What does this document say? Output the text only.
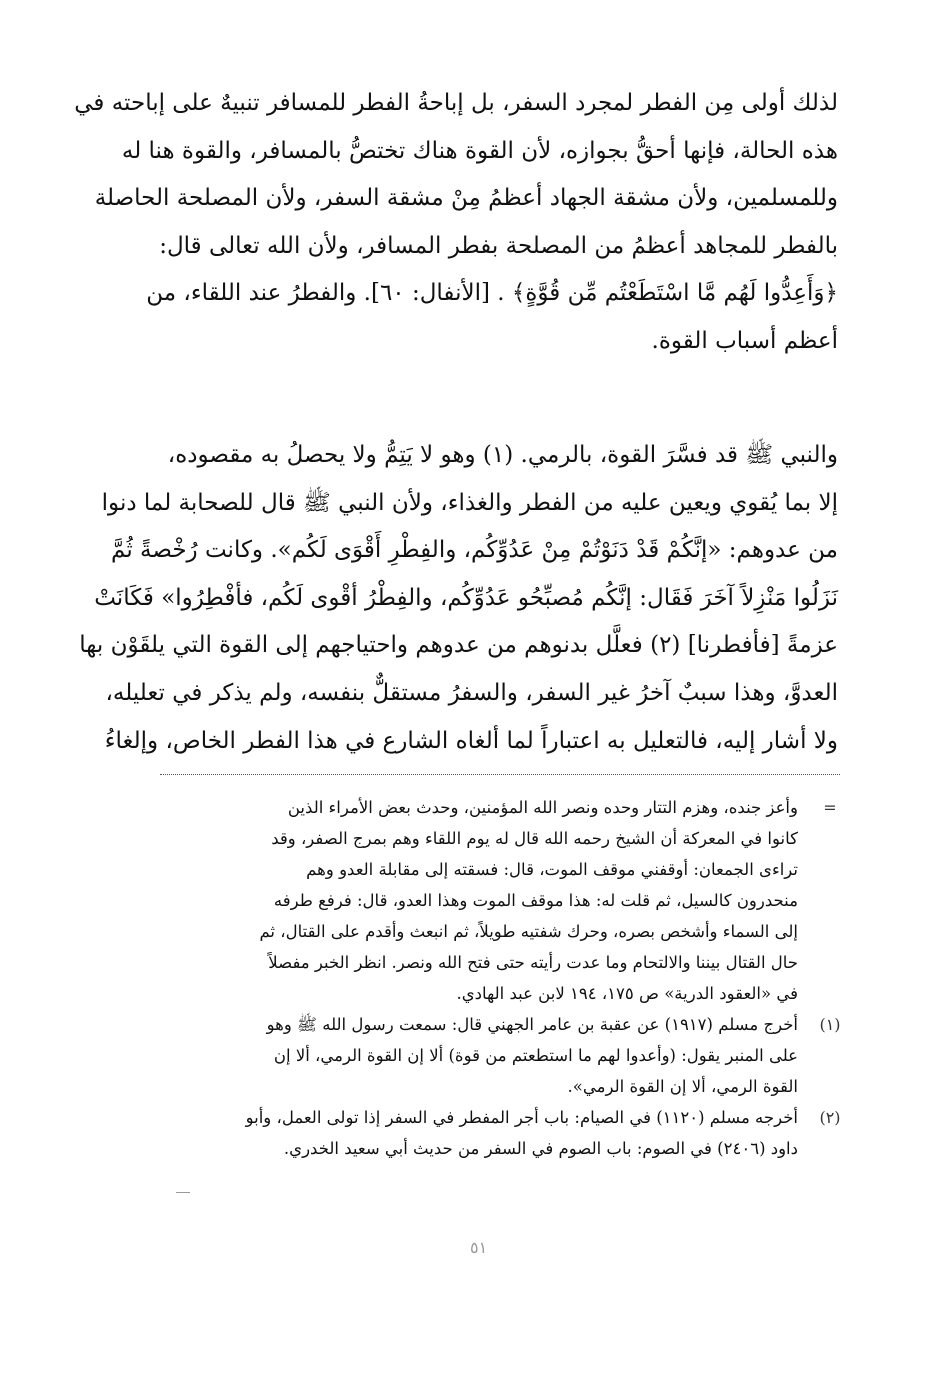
لذلك أولى مِن الفطر لمجرد السفر، بل إباحةُ الفطر للمسافر تنبيهٌ على إباحته في
هذه الحالة، فإنها أحقُّ بجوازه، لأن القوة هناك تختصُّ بالمسافر، والقوة هنا له
وللمسلمين، ولأن مشقة الجهاد أعظمُ مِنْ مشقة السفر، ولأن المصلحة الحاصلة
بالفطر للمجاهد أعظمُ من المصلحة بفطر المسافر، ولأن الله تعالى قال:
﴿وَأَعِدُّوا لَهُم مَّا اسْتَطَعْتُم مِّن قُوَّةٍ﴾ . [الأنفال: ٦٠]. والفطرُ عند اللقاء، من
أعظم أسباب القوة.
والنبي ﷺ قد فسَّرَ القوة، بالرمي. (١) وهو لا يَتِمُّ ولا يحصلُ به مقصوده،
إلا بما يُقوي ويعين عليه من الفطر والغذاء، ولأن النبي ﷺ قال للصحابة لما دنوا
من عدوهم: «إنَّكُمْ قَدْ دَنَوْتُمْ مِنْ عَدُوِّكُم، والفِطْرِ أَقْوَى لَكُم». وكانت رُخْصةً ثُمَّ
نَزَلُوا مَنْزِلاً آخَرَ فَقَال: إنَّكُم مُصبِّحُو عَدُوِّكُم، والفِطْرُ أقْوى لَكُم، فأفْطِرُوا» فَكَانَتْ
عزمةً [فأفطرنا] (٢) فعلَّل بدنوهم من عدوهم واحتياجهم إلى القوة التي يلقَوْن بها
العدوَّ، وهذا سببٌ آخرُ غير السفر، والسفرُ مستقلٌّ بنفسه، ولم يذكر في تعليله،
ولا أشار إليه، فالتعليل به اعتباراً لما ألغاه الشارع في هذا الفطر الخاص، وإلغاءُ
=
وأعز جنده، وهزم التتار وحده ونصر الله المؤمنين، وحدث بعض الأمراء الذين
كانوا في المعركة أن الشيخ رحمه الله قال له يوم اللقاء وهم بمرج الصفر، وقد
تراءى الجمعان: أوقفني موقف الموت، قال: فسقته إلى مقابلة العدو وهم
منحدرون كالسيل، ثم قلت له: هذا موقف الموت وهذا العدو، قال: فرفع طرفه
إلى السماء وأشخص بصره، وحرك شفتيه طويلاً، ثم انبعث وأقدم على القتال، ثم
حال القتال بيننا والالتحام وما عدت رأيته حتى فتح الله ونصر. انظر الخبر مفصلاً
في «العقود الدرية» ص ١٧٥، ١٩٤ لابن عبد الهادي.
(١)
أخرج مسلم (١٩١٧) عن عقبة بن عامر الجهني قال: سمعت رسول الله ﷺ وهو
على المنبر يقول: (وأعدوا لهم ما استطعتم من قوة) ألا إن القوة الرمي، ألا إن
القوة الرمي، ألا إن القوة الرمي».
(٢)
أخرجه مسلم (١١٢٠) في الصيام: باب أجر المفطر في السفر إذا تولى العمل، وأبو
داود (٢٤٠٦) في الصوم: باب الصوم في السفر من حديث أبي سعيد الخدري.
٥١
